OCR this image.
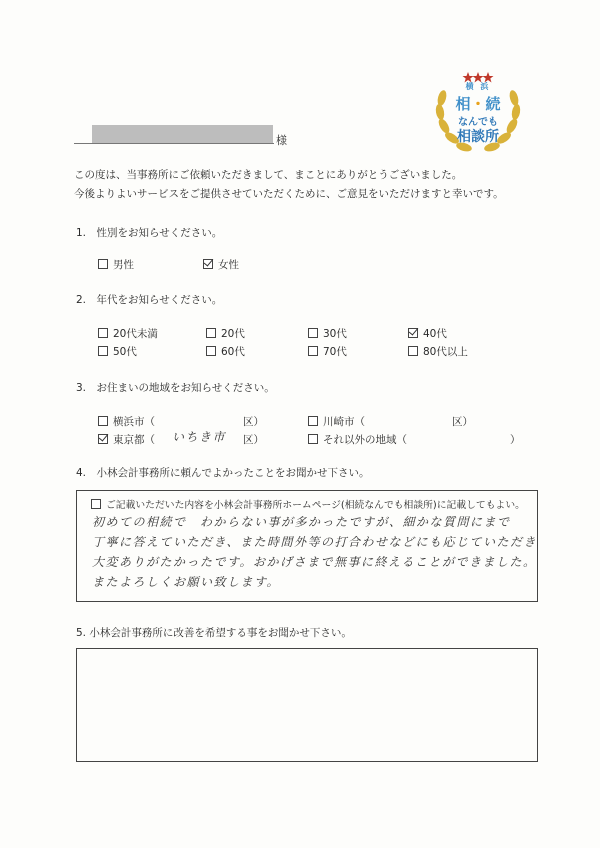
横 浜
相・続
なんでも
相談所
様
この度は、当事務所にご依頼いただきまして、まことにありがとうございました。
今後よりよいサービスをご提供させていただくために、ご意見をいただけますと幸いです。
1.　性別をお知らせください。
男性	女性
2.　年代をお知らせください。
20代未満	20代	30代	40代
50代	60代	70代	80代以上
3.　お住まいの地域をお知らせください。
横浜市（	区）	川崎市（	区）
東京都（ いちき市 区）	それ以外の地域（	）
4.　小林会計事務所に頼んでよかったことをお聞かせ下さい。
ご記載いただいた内容を小林会計事務所ホームページ(相続なんでも相談所)に記載してもよい。
初めての相続で　わからない事が多かったですが、細かな質問にまで
丁寧に答えていただき、また時間外等の打合わせなどにも応じていただき
大変ありがたかったです。おかげさまで無事に終えることができました。
またよろしくお願い致します。
5. 小林会計事務所に改善を希望する事をお聞かせ下さい。
